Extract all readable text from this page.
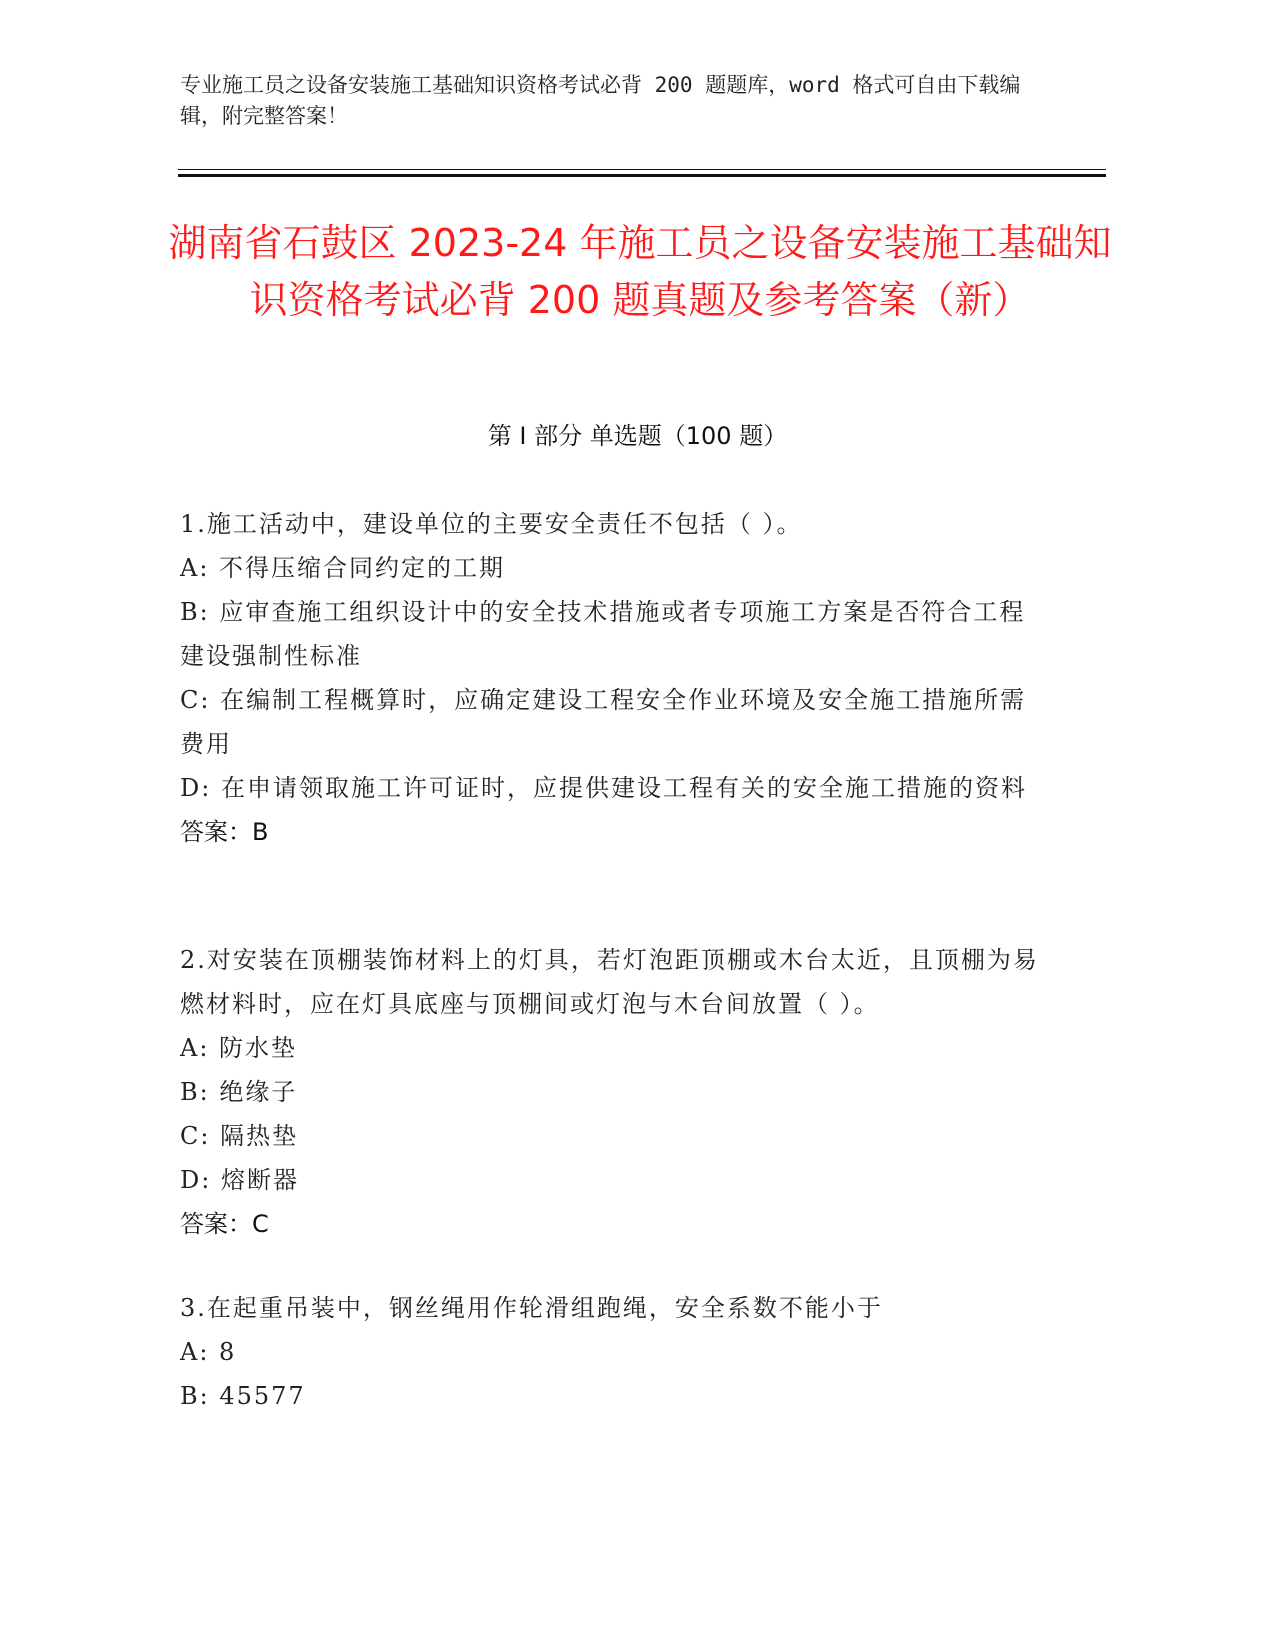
专业施工员之设备安装施工基础知识资格考试必背 200 题题库，word 格式可自由下载编辑，附完整答案！
湖南省石鼓区 2023-24 年施工员之设备安装施工基础知识资格考试必背 200 题真题及参考答案（新）
第 I 部分 单选题（100 题）
1.施工活动中，建设单位的主要安全责任不包括（ ）。
A: 不得压缩合同约定的工期
B: 应审查施工组织设计中的安全技术措施或者专项施工方案是否符合工程建设强制性标准
C: 在编制工程概算时，应确定建设工程安全作业环境及安全施工措施所需费用
D: 在申请领取施工许可证时，应提供建设工程有关的安全施工措施的资料
答案：B
2.对安装在顶棚装饰材料上的灯具，若灯泡距顶棚或木台太近，且顶棚为易燃材料时，应在灯具底座与顶棚间或灯泡与木台间放置（ ）。
A: 防水垫
B: 绝缘子
C: 隔热垫
D: 熔断器
答案：C
3.在起重吊装中，钢丝绳用作轮滑组跑绳，安全系数不能小于
A: 8
B: 45577
